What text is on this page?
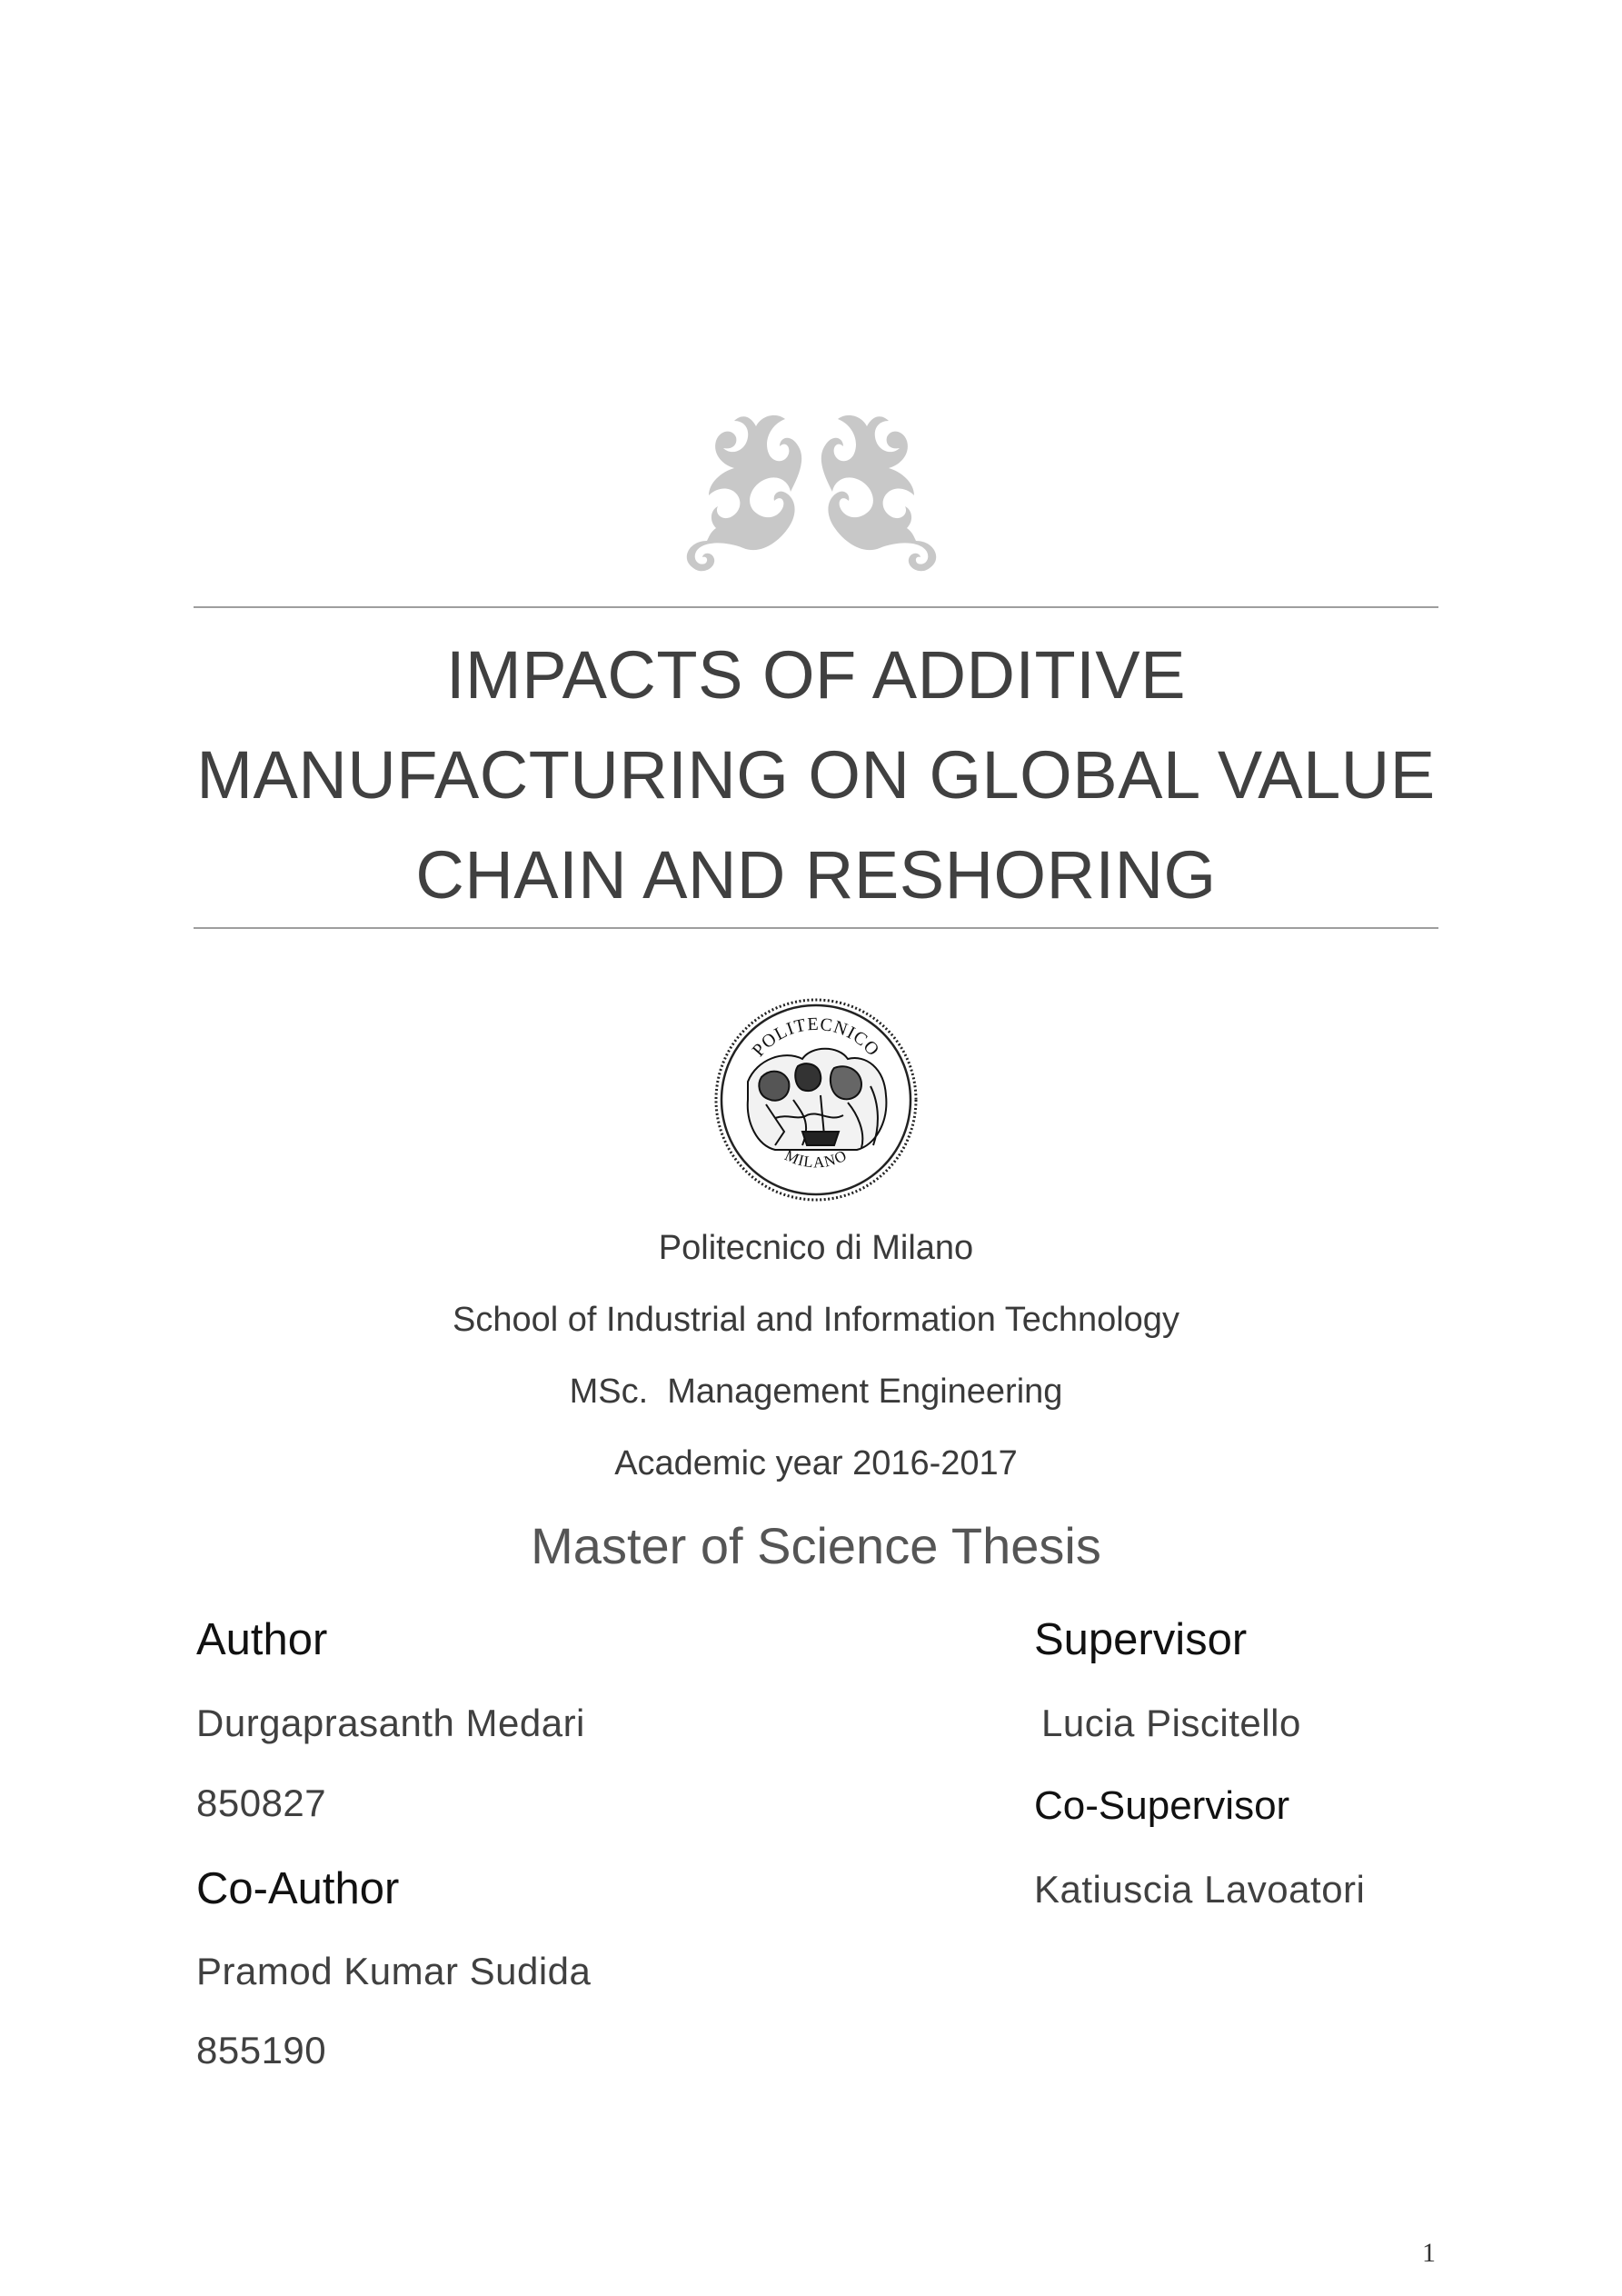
IMPACTS OF ADDITIVE
MANUFACTURING ON GLOBAL VALUE
CHAIN AND RESHORING
POLITECNICO
MILANO
Politecnico di Milano
School of Industrial and Information Technology
MSc.  Management Engineering
Academic year 2016-2017
Master of Science Thesis
Author
Durgaprasanth Medari
850827
Co-Author
Pramod Kumar Sudida
855190
Supervisor
Lucia Piscitello
Co-Supervisor
Katiuscia Lavoatori
1
